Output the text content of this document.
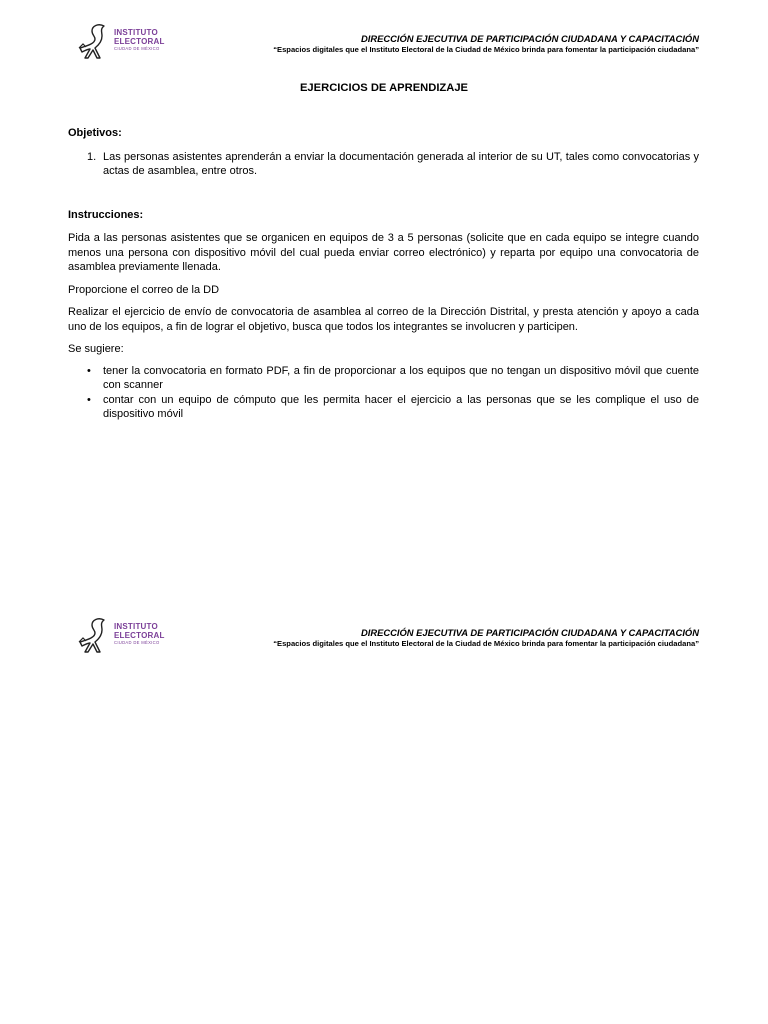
INSTITUTO
ELECTORAL
CIUDAD DE MÉXICO
DIRECCIÓN EJECUTIVA DE PARTICIPACIÓN CIUDADANA Y CAPACITACIÓN
“Espacios digitales que el Instituto Electoral de la Ciudad de México brinda para fomentar la participación ciudadana”
EJERCICIOS DE APRENDIZAJE

Objetivos:

1. Las personas asistentes aprenderán a enviar la documentación generada al interior de su UT, tales como convocatorias y actas de asamblea, entre otros.

Instrucciones:

Pida a las personas asistentes que se organicen en equipos de 3 a 5 personas (solicite que en cada equipo se integre cuando menos una persona con dispositivo móvil del cual pueda enviar correo electrónico) y reparta por equipo una convocatoria de asamblea previamente llenada.

Proporcione el correo de la DD

Realizar el ejercicio de envío de convocatoria de asamblea al correo de la Dirección Distrital, y presta atención y apoyo a cada uno de los equipos, a fin de lograr el objetivo, busca que todos los integrantes se involucren y participen.

Se sugiere:

• tener la convocatoria en formato PDF, a fin de proporcionar a los equipos que no tengan un dispositivo móvil que cuente con scanner
• contar con un equipo de cómputo que les permita hacer el ejercicio a las personas que se les complique el uso de dispositivo móvil
INSTITUTO
ELECTORAL
CIUDAD DE MÉXICO
DIRECCIÓN EJECUTIVA DE PARTICIPACIÓN CIUDADANA Y CAPACITACIÓN
“Espacios digitales que el Instituto Electoral de la Ciudad de México brinda para fomentar la participación ciudadana”
